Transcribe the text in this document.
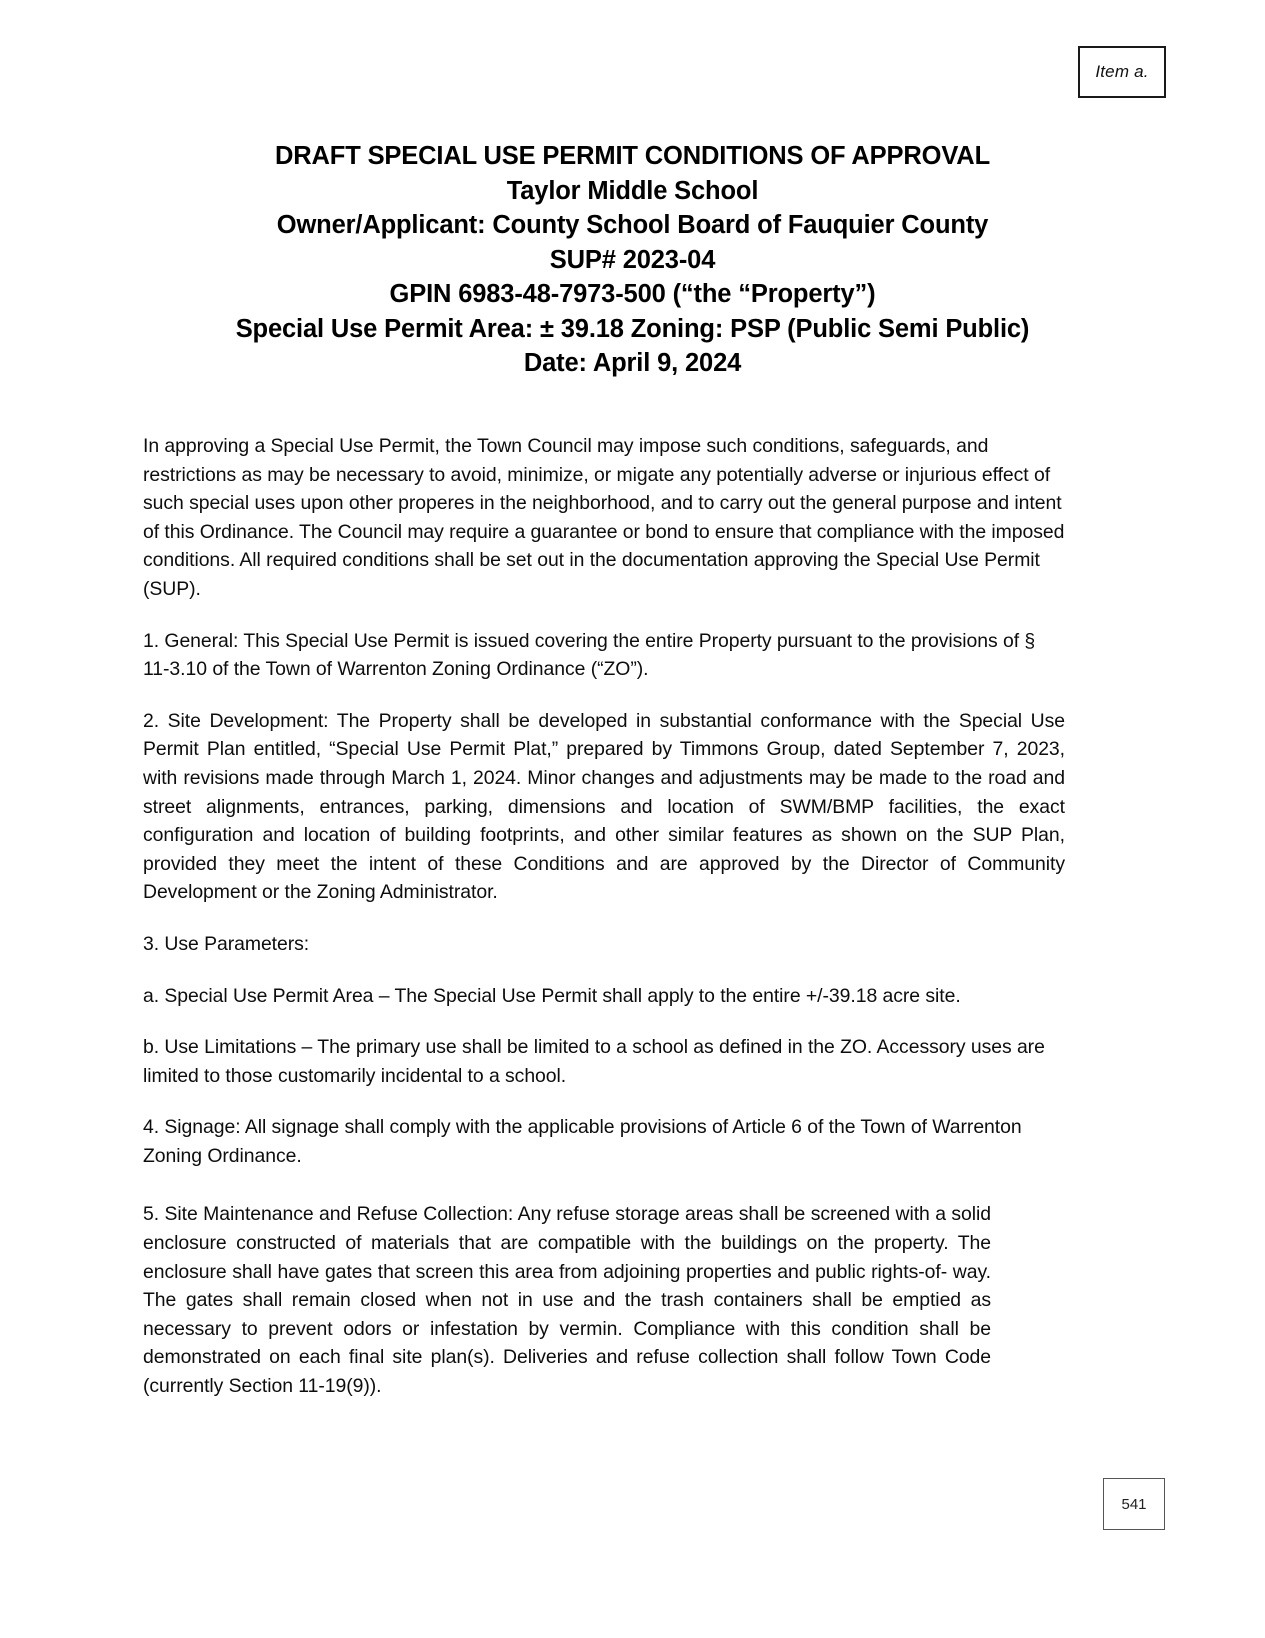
Item a.
DRAFT SPECIAL USE PERMIT CONDITIONS OF APPROVAL
Taylor Middle School
Owner/Applicant: County School Board of Fauquier County
SUP# 2023-04
GPIN 6983-48-7973-500 (“the “Property”)
Special Use Permit Area: ± 39.18 Zoning: PSP (Public Semi Public)
Date: April 9, 2024

In approving a Special Use Permit, the Town Council may impose such conditions, safeguards, and restrictions as may be necessary to avoid, minimize, or migate any potentially adverse or injurious effect of such special uses upon other properes in the neighborhood, and to carry out the general purpose and intent of this Ordinance. The Council may require a guarantee or bond to ensure that compliance with the imposed conditions. All required conditions shall be set out in the documentation approving the Special Use Permit (SUP).

1. General: This Special Use Permit is issued covering the entire Property pursuant to the provisions of § 11-3.10 of the Town of Warrenton Zoning Ordinance (“ZO”).

2. Site Development: The Property shall be developed in substantial conformance with the Special Use Permit Plan entitled, “Special Use Permit Plat,” prepared by Timmons Group, dated September 7, 2023, with revisions made through March 1, 2024. Minor changes and adjustments may be made to the road and street alignments, entrances, parking, dimensions and location of SWM/BMP facilities, the exact configuration and location of building footprints, and other similar features as shown on the SUP Plan, provided they meet the intent of these Conditions and are approved by the Director of Community Development or the Zoning Administrator.

3. Use Parameters:

a. Special Use Permit Area – The Special Use Permit shall apply to the entire +/-39.18 acre site.

b. Use Limitations – The primary use shall be limited to a school as defined in the ZO. Accessory uses are limited to those customarily incidental to a school.

4. Signage: All signage shall comply with the applicable provisions of Article 6 of the Town of Warrenton Zoning Ordinance.

5. Site Maintenance and Refuse Collection: Any refuse storage areas shall be screened with a solid enclosure constructed of materials that are compatible with the buildings on the property. The enclosure shall have gates that screen this area from adjoining properties and public rights-of- way. The gates shall remain closed when not in use and the trash containers shall be emptied as necessary to prevent odors or infestation by vermin. Compliance with this condition shall be demonstrated on each final site plan(s). Deliveries and refuse collection shall follow Town Code (currently Section 11-19(9)).

541
